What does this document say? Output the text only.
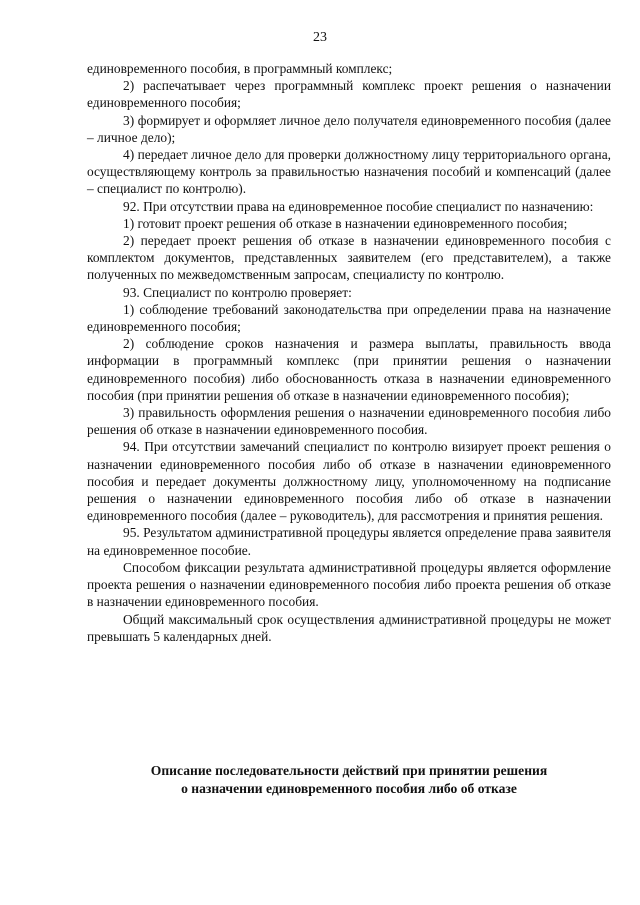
23

единовременного пособия, в программный комплекс;

2) распечатывает через программный комплекс проект решения о назначении единовременного пособия;

3) формирует и оформляет личное дело получателя единовременного пособия (далее – личное дело);

4) передает личное дело для проверки должностному лицу территориального органа, осуществляющему контроль за правильностью назначения пособий и компенсаций (далее – специалист по контролю).

92. При отсутствии права на единовременное пособие специалист по назначению:

1) готовит проект решения об отказе в назначении единовременного пособия;

2) передает проект решения об отказе в назначении единовременного пособия с комплектом документов, представленных заявителем (его представителем), а также полученных по межведомственным запросам, специалисту по контролю.

93. Специалист по контролю проверяет:

1) соблюдение требований законодательства при определении права на назначение единовременного пособия;

2) соблюдение сроков назначения и размера выплаты, правильность ввода информации в программный комплекс (при принятии решения о назначении единовременного пособия) либо обоснованность отказа в назначении единовременного пособия (при принятии решения об отказе в назначении единовременного пособия);

3) правильность оформления решения о назначении единовременного пособия либо решения об отказе в назначении единовременного пособия.

94. При отсутствии замечаний специалист по контролю визирует проект решения о назначении единовременного пособия либо об отказе в назначении единовременного пособия и передает документы должностному лицу, уполномоченному на подписание решения о назначении единовременного пособия либо об отказе в назначении единовременного пособия (далее – руководитель), для рассмотрения и принятия решения.

95. Результатом административной процедуры является определение права заявителя на единовременное пособие.

Способом фиксации результата административной процедуры является оформление проекта решения о назначении единовременного пособия либо проекта решения об отказе в назначении единовременного пособия.

Общий максимальный срок осуществления административной процедуры не может превышать 5 календарных дней.

Описание последовательности действий при принятии решения
о назначении единовременного пособия либо об отказе
